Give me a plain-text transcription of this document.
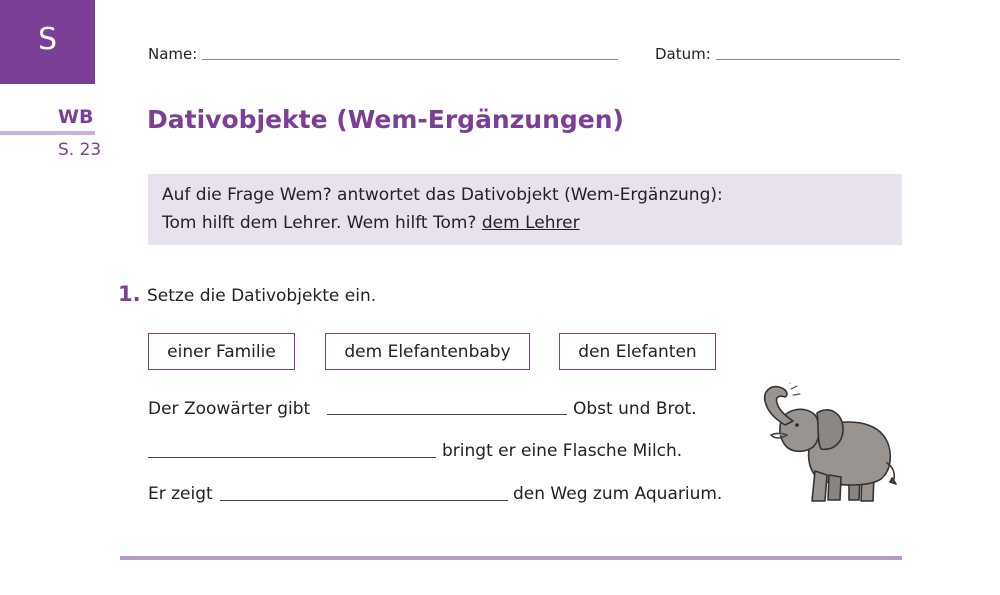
S
WB
S. 23
Name:	Datum:
Dativobjekte (Wem-Ergänzungen)
Auf die Frage Wem? antwortet das Dativobjekt (Wem-Ergänzung):
Tom hilft dem Lehrer. Wem hilft Tom? dem Lehrer
1. Setze die Dativobjekte ein.
einer Familie	dem Elefantenbaby	den Elefanten
Der Zoowärter gibt	Obst und Brot.
bringt er eine Flasche Milch.
Er zeigt	den Weg zum Aquarium.
